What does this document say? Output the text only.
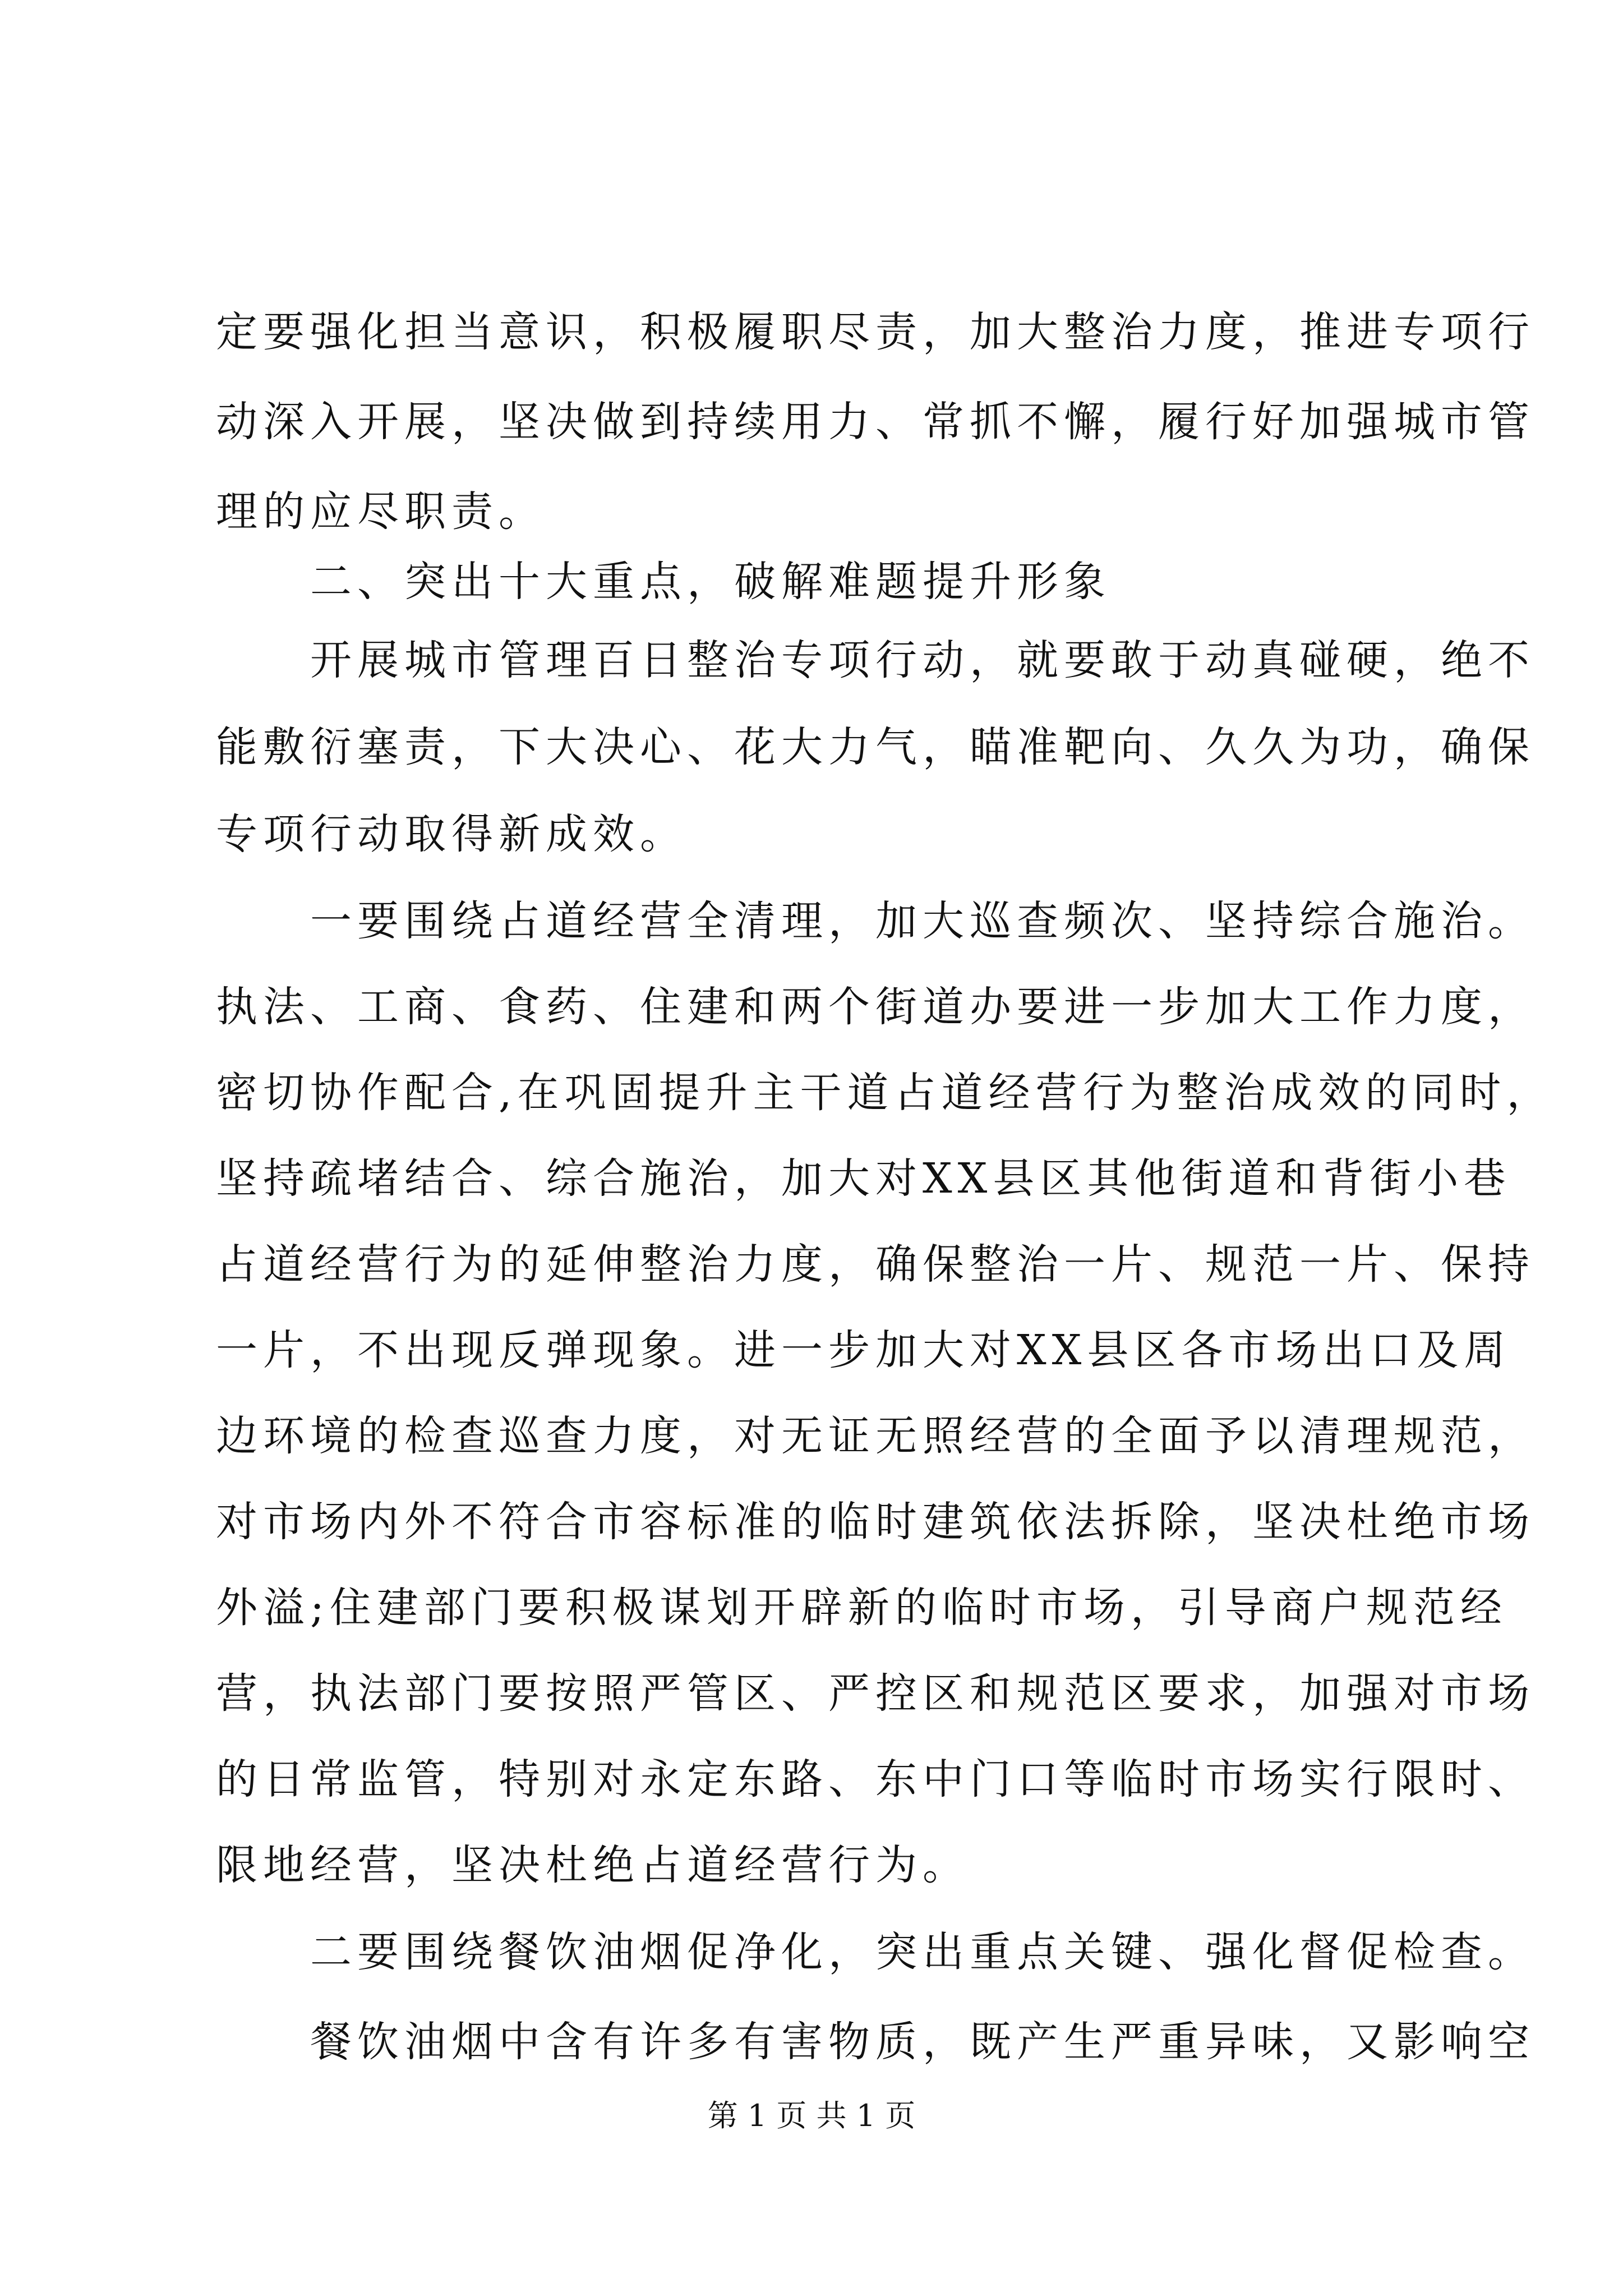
定要强化担当意识，积极履职尽责，加大整治力度，推进专项行
动深入开展，坚决做到持续用力、常抓不懈，履行好加强城市管
理的应尽职责。
　　二、突出十大重点，破解难题提升形象
　　开展城市管理百日整治专项行动，就要敢于动真碰硬，绝不
能敷衍塞责，下大决心、花大力气，瞄准靶向、久久为功，确保
专项行动取得新成效。
　　一要围绕占道经营全清理，加大巡查频次、坚持综合施治。
执法、工商、食药、住建和两个街道办要进一步加大工作力度，
密切协作配合,在巩固提升主干道占道经营行为整治成效的同时，
坚持疏堵结合、综合施治，加大对XX县区其他街道和背街小巷
占道经营行为的延伸整治力度，确保整治一片、规范一片、保持
一片，不出现反弹现象。进一步加大对XX县区各市场出口及周
边环境的检查巡查力度，对无证无照经营的全面予以清理规范，
对市场内外不符合市容标准的临时建筑依法拆除，坚决杜绝市场
外溢;住建部门要积极谋划开辟新的临时市场，引导商户规范经
营，执法部门要按照严管区、严控区和规范区要求，加强对市场
的日常监管，特别对永定东路、东中门口等临时市场实行限时、
限地经营，坚决杜绝占道经营行为。
　　二要围绕餐饮油烟促净化，突出重点关键、强化督促检查。
　　餐饮油烟中含有许多有害物质，既产生严重异味，又影响空
第 1 页 共 1 页
